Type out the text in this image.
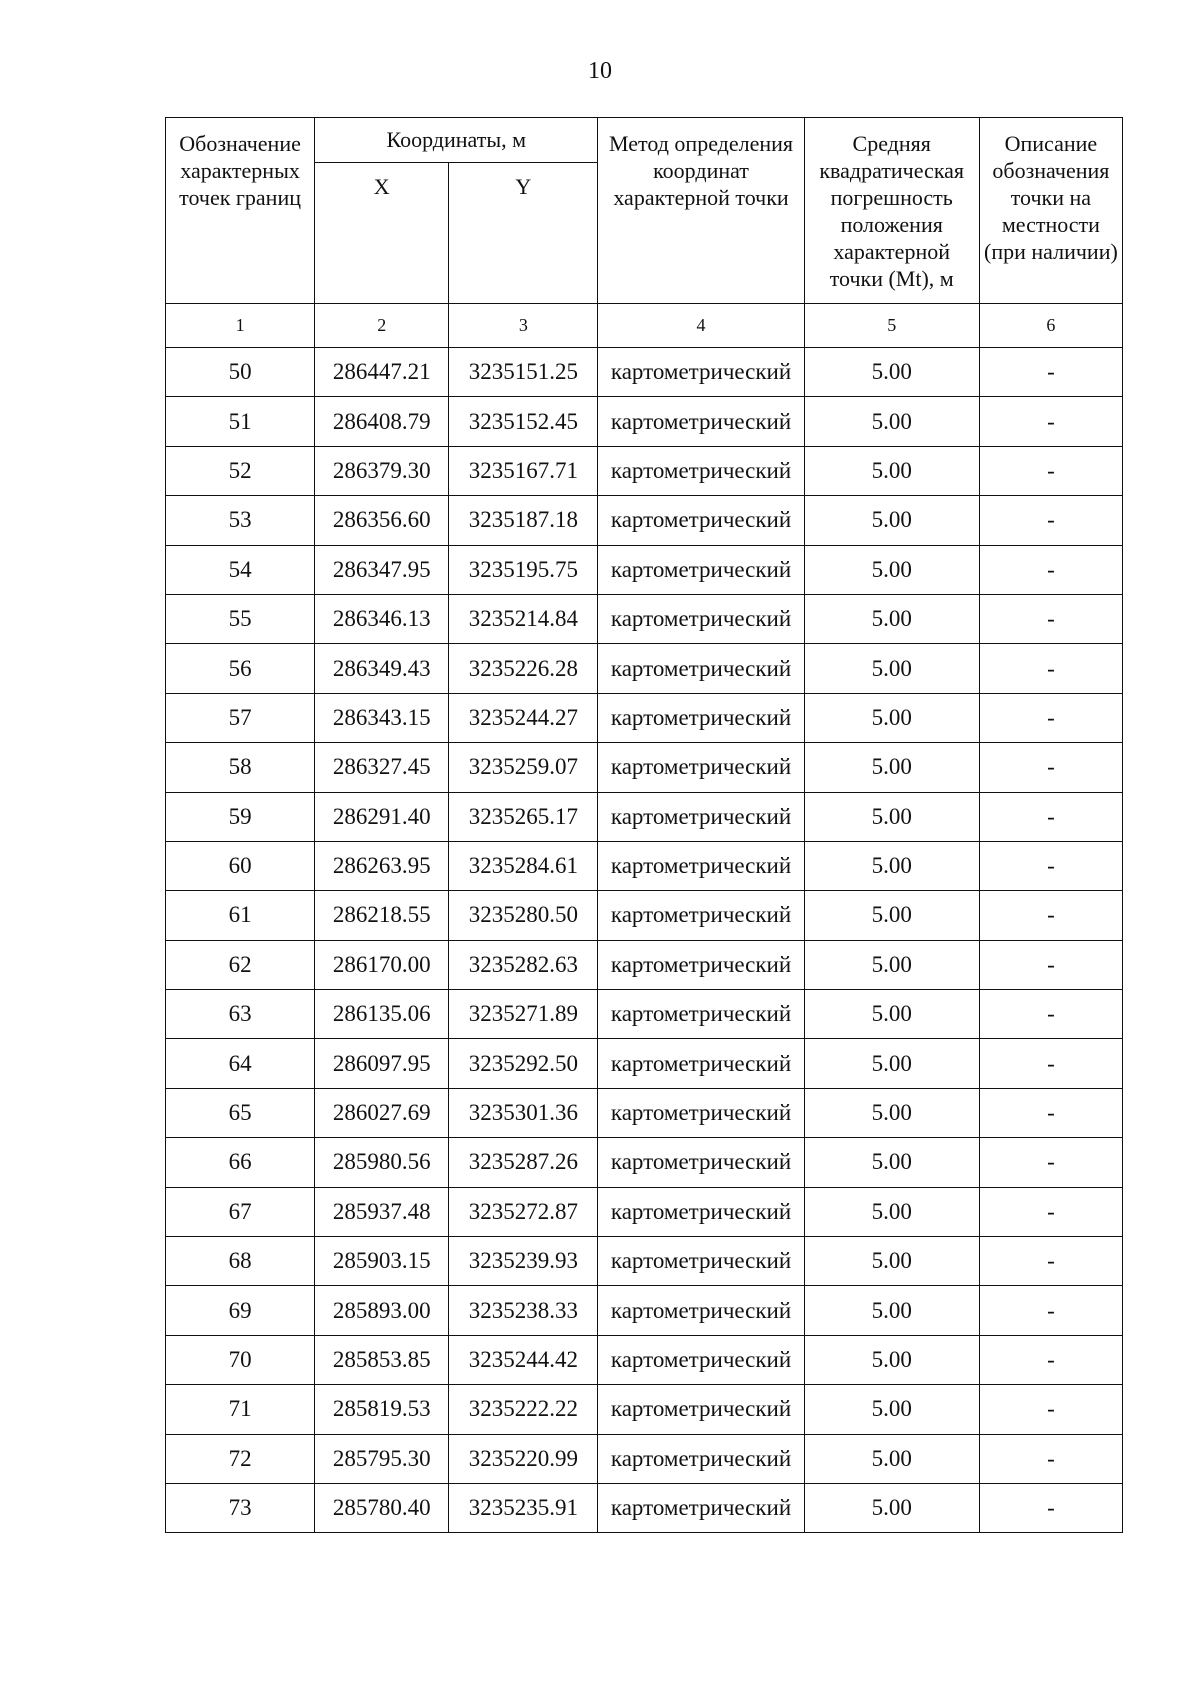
10
Обозначение характерных точек границ	Координаты, м		Метод определения координат характерной точки	Средняя квадратическая погрешность положения характерной точки (Mt), м	Описание обозначения точки на местности (при наличии)
	X	Y			
1	2	3	4	5	6
50	286447.21	3235151.25	картометрический	5.00	-
51	286408.79	3235152.45	картометрический	5.00	-
52	286379.30	3235167.71	картометрический	5.00	-
53	286356.60	3235187.18	картометрический	5.00	-
54	286347.95	3235195.75	картометрический	5.00	-
55	286346.13	3235214.84	картометрический	5.00	-
56	286349.43	3235226.28	картометрический	5.00	-
57	286343.15	3235244.27	картометрический	5.00	-
58	286327.45	3235259.07	картометрический	5.00	-
59	286291.40	3235265.17	картометрический	5.00	-
60	286263.95	3235284.61	картометрический	5.00	-
61	286218.55	3235280.50	картометрический	5.00	-
62	286170.00	3235282.63	картометрический	5.00	-
63	286135.06	3235271.89	картометрический	5.00	-
64	286097.95	3235292.50	картометрический	5.00	-
65	286027.69	3235301.36	картометрический	5.00	-
66	285980.56	3235287.26	картометрический	5.00	-
67	285937.48	3235272.87	картометрический	5.00	-
68	285903.15	3235239.93	картометрический	5.00	-
69	285893.00	3235238.33	картометрический	5.00	-
70	285853.85	3235244.42	картометрический	5.00	-
71	285819.53	3235222.22	картометрический	5.00	-
72	285795.30	3235220.99	картометрический	5.00	-
73	285780.40	3235235.91	картометрический	5.00	-
